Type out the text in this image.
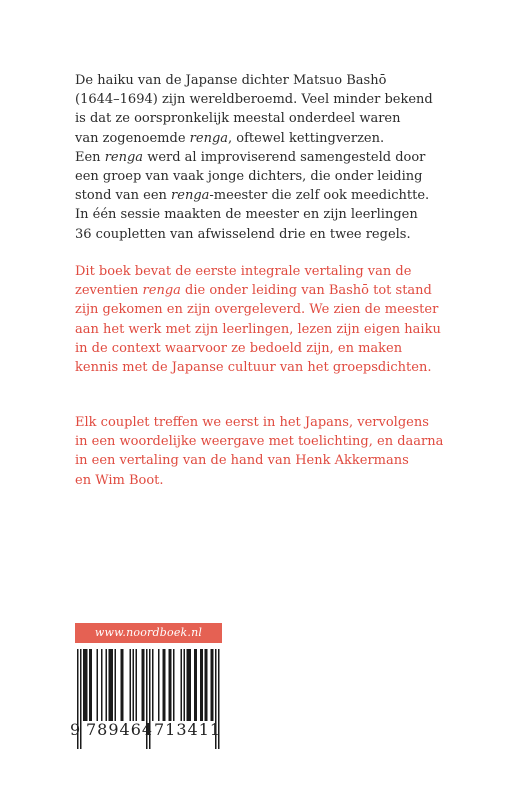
De haiku van de Japanse dichter Matsuo Bashō

(1644–1694) zijn wereldberoemd. Veel minder bekend

is dat ze oorspronkelijk meestal onderdeel waren

van zogenoemde renga, oftewel kettingverzen.

Een renga werd al improviserend samengesteld door

een groep van vaak jonge dichters, die onder leiding

stond van een renga-meester die zelf ook meedichtte.

In één sessie maakten de meester en zijn leerlingen

36 coupletten van afwisselend drie en twee regels.

Dit boek bevat de eerste integrale vertaling van de

zeventien renga die onder leiding van Bashō tot stand

zijn gekomen en zijn overgeleverd. We zien de meester

aan het werk met zijn leerlingen, lezen zijn eigen haiku

in de context waarvoor ze bedoeld zijn, en maken

kennis met de Japanse cultuur van het groepsdichten.

Elk couplet treffen we eerst in het Japans, vervolgens

in een woordelijke weergave met toelichting, en daarna

in een vertaling van de hand van Henk Akkermans

en Wim Boot.

www.noordboek.nl
9 789464 713411
